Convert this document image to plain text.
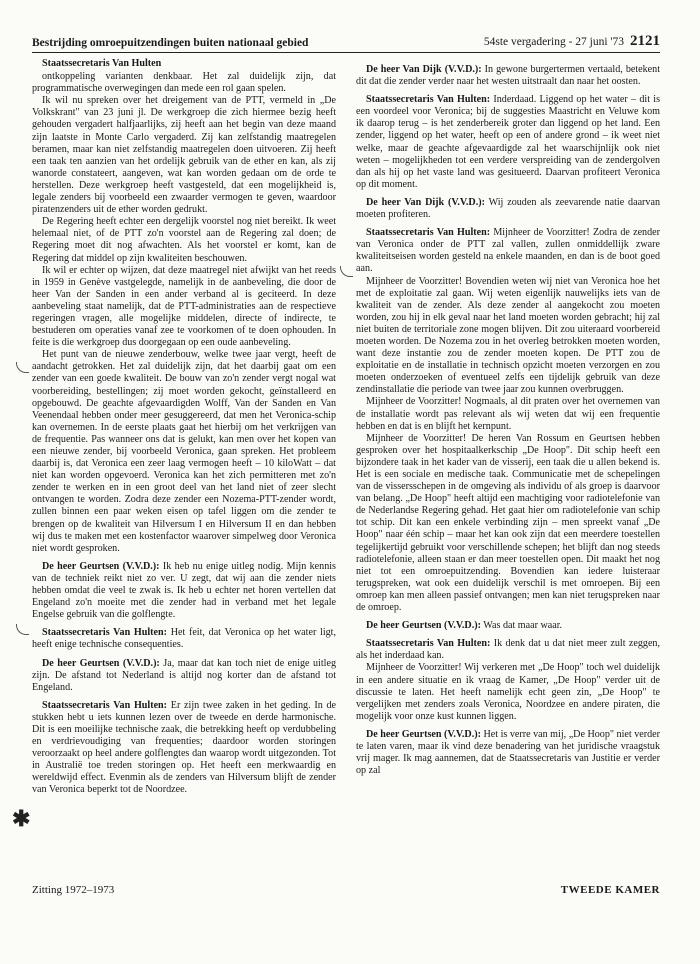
Bestrijding omroepuitzendingen buiten nationaal gebied	54ste vergadering - 27 juni '73 2121

Staatssecretaris Van Hulten

ontkoppeling varianten denkbaar. Het zal duidelijk zijn, dat programmatische overwegingen dan mede een rol gaan spelen.

Ik wil nu spreken over het dreigement van de PTT, vermeld in „De Volkskrant" van 23 juni jl. De werkgroep die zich hiermee bezig heeft gehouden vergadert halfjaarlijks, zij heeft aan het begin van deze maand zijn laatste in Monte Carlo vergaderd. Zij kan zelfstandig maatregelen beramen, maar kan niet zelfstandig maatregelen doen uitvoeren. Zij heeft een taak ten aanzien van het ordelijk gebruik van de ether en kan, als zij wanorde constateert, aangeven, wat kan worden gedaan om de orde te herstellen. Deze werkgroep heeft vastgesteld, dat een mogelijkheid is, legale zenders bij voorbeeld een zwaarder vermogen te geven, waardoor piratenzenders uit de ether worden gedrukt.

De Regering heeft echter een dergelijk voorstel nog niet bereikt. Ik weet helemaal niet, of de PTT zo'n voorstel aan de Regering zal doen; de Regering moet dit nog afwachten. Als het voorstel er komt, kan de Regering dat middel op zijn kwaliteiten beschouwen.

Ik wil er echter op wijzen, dat deze maatregel niet afwijkt van het reeds in 1959 in Genève vastgelegde, namelijk in de aanbeveling, die door de heer Van der Sanden in een ander verband al is geciteerd. In deze aanbeveling staat namelijk, dat de PTT-administraties aan de respectieve regeringen vragen, alle mogelijke middelen, directe of indirecte, te bestuderen om operaties vanaf zee te voorkomen of te doen ophouden. In feite is die werkgroep dus doorgegaan op een oude aanbeveling.

Het punt van de nieuwe zenderbouw, welke twee jaar vergt, heeft de aandacht getrokken. Het zal duidelijk zijn, dat het daarbij gaat om een zender van een goede kwaliteit. De bouw van zo'n zender vergt nogal wat voorbereiding, bestellingen; zij moet worden gekocht, geïnstalleerd en opgebouwd. De geachte afgevaardigden Wolff, Van der Sanden en Van Veenendaal hebben onder meer gesuggereerd, dat men het Veronica-schip kan overnemen. In de eerste plaats gaat het hierbij om het verkrijgen van de frequentie. Pas wanneer ons dat is gelukt, kan men over het kopen van een nieuwe zender, bij voorbeeld Veronica, gaan spreken. Het probleem daarbij is, dat Veronica een zeer laag vermogen heeft – 10 kiloWatt – dat niet kan worden opgevoerd. Veronica kan het zich permitteren met zo'n zender te werken en in een groot deel van het land niet of zeer slecht ontvangen te worden. Zodra deze zender een Nozema-PTT-zender wordt, zullen binnen een paar weken eisen op tafel liggen om die zender te brengen op de kwaliteit van Hilversum I en Hilversum II en dan hebben wij dus te maken met een kostenfactor waarover simpelweg door Veronica niet wordt gesproken.

De heer Geurtsen (V.V.D.): Ik heb nu enige uitleg nodig. Mijn kennis van de techniek reikt niet zo ver. U zegt, dat wij aan die zender niets hebben omdat die veel te zwak is. Ik heb u echter net horen vertellen dat Engeland zo'n moeite met die zender had in verband met het legale Engelse gebruik van die golflengte.

Staatssecretaris Van Hulten: Het feit, dat Veronica op het water ligt, heeft enige technische consequenties.

De heer Geurtsen (V.V.D.): Ja, maar dat kan toch niet de enige uitleg zijn. De afstand tot Nederland is altijd nog korter dan de afstand tot Engeland.

Staatssecretaris Van Hulten: Er zijn twee zaken in het geding. In de stukken hebt u iets kunnen lezen over de tweede en derde harmonische. Dit is een moeilijke technische zaak, die betrekking heeft op verdubbeling en verdrievoudiging van frequenties; daardoor worden storingen veroorzaakt op heel andere golflengtes dan waarop wordt uitgezonden. Tot in Australië toe treden storingen op. Het heeft een merkwaardig en wereldwijd effect. Evenmin als de zenders van Hilversum blijft de zender van Veronica beperkt tot de Noordzee.

De heer Van Dijk (V.V.D.): In gewone burgertermen vertaald, betekent dit dat die zender verder naar het westen uitstraalt dan naar het oosten.

Staatssecretaris Van Hulten: Inderdaad. Liggend op het water – dit is een voordeel voor Veronica; bij de suggesties Maastricht en Veluwe kom ik daarop terug – is het zenderbereik groter dan liggend op het land. Een zender, liggend op het water, heeft op een of andere grond – ik weet niet welke, maar de geachte afgevaardigde zal het waarschijnlijk ook niet weten – mogelijkheden tot een verdere verspreiding van de zendergolven dan als hij op het vaste land was gesitueerd. Daarvan profiteert Veronica op dit moment.

De heer Van Dijk (V.V.D.): Wij zouden als zeevarende natie daarvan moeten profiteren.

Staatssecretaris Van Hulten: Mijnheer de Voorzitter! Zodra de zender van Veronica onder de PTT zal vallen, zullen onmiddellijk zware kwaliteitseisen worden gesteld na enkele maanden, en dan is de boot goed aan.

Mijnheer de Voorzitter! Bovendien weten wij niet van Veronica hoe het met de exploitatie zal gaan. Wij weten eigenlijk nauwelijks iets van de kwaliteit van de zender. Als deze zender al aangekocht zou moeten worden, zou hij in elk geval naar het land moeten worden gebracht; hij zal niet buiten de territoriale zone mogen blijven. Dit zou uiteraard voorbereid moeten worden. De Nozema zou in het overleg betrokken moeten worden, want deze instantie zou de zender moeten kopen. De PTT zou de exploitatie en de installatie in technisch opzicht moeten verzorgen en zou moeten onderzoeken of eventueel zelfs een tijdelijk gebruik van deze zendinstallatie die periode van twee jaar zou kunnen overbruggen.

Mijnheer de Voorzitter! Nogmaals, al dit praten over het overnemen van de installatie wordt pas relevant als wij weten dat wij een frequentie hebben en dat is en blijft het kernpunt.

Mijnheer de Voorzitter! De heren Van Rossum en Geurtsen hebben gesproken over het hospitaalkerkschip „De Hoop". Dit schip heeft een bijzondere taak in het kader van de visserij, een taak die u allen bekend is. Het is een sociale en medische taak. Communicatie met de schepelingen van de vissersschepen in de omgeving als individu of als groep is daarvoor van belang. „De Hoop" heeft altijd een machtiging voor radiotelefonie van de Nederlandse Regering gehad. Het gaat hier om radiotelefonie van schip tot schip. Dit kan een enkele verbinding zijn – men spreekt vanaf „De Hoop" naar één schip – maar het kan ook zijn dat een meerdere toestellen tegelijkertijd gebruikt voor verschillende schepen; het blijft dan nog steeds radiotelefonie, alleen staan er dan meer toestellen open. Dit maakt het nog niet tot een omroepuitzending. Bovendien kan iedere luisteraar terugspreken, wat ook een duidelijk verschil is met omroepen. Bij een omroep kan men alleen passief ontvangen; men kan niet terugspreken naar de omroep.

De heer Geurtsen (V.V.D.): Was dat maar waar.

Staatssecretaris Van Hulten: Ik denk dat u dat niet meer zult zeggen, als het inderdaad kan.

Mijnheer de Voorzitter! Wij verkeren met „De Hoop" toch wel duidelijk in een andere situatie en ik vraag de Kamer, „De Hoop" verder uit de discussie te laten. Het heeft namelijk echt geen zin, „De Hoop" te vergelijken met zenders zoals Veronica, Noordzee en andere piraten, die mogelijk voor onze kust kunnen liggen.

De heer Geurtsen (V.V.D.): Het is verre van mij, „De Hoop" niet verder te laten varen, maar ik vind deze benadering van het juridische vraagstuk vrij mager. Ik mag aannemen, dat de Staatssecretaris van Justitie er verder op zal

✱
Zitting 1972–1973	TWEEDE KAMER
